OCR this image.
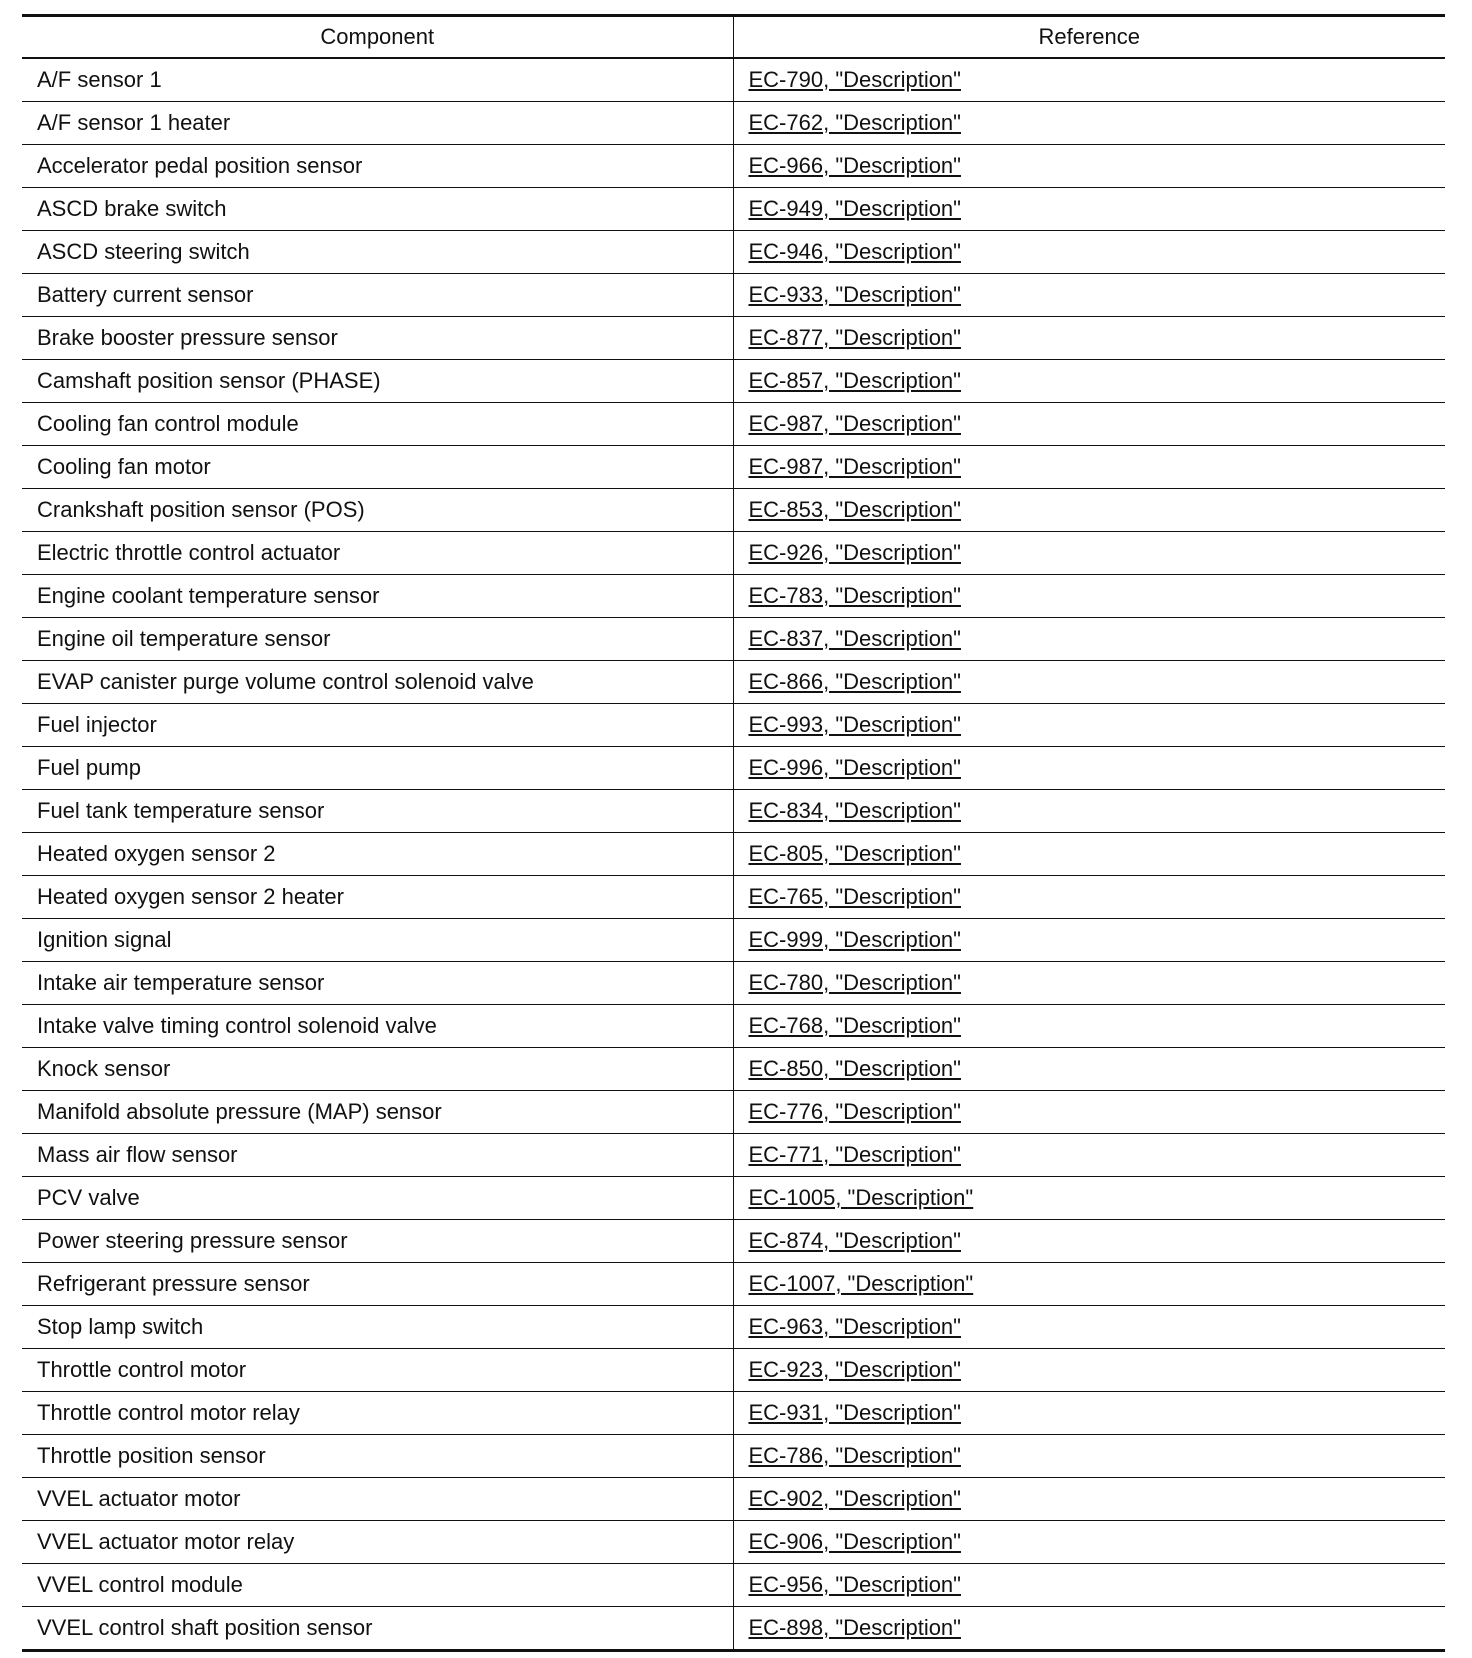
Component	Reference
A/F sensor 1	EC-790, "Description"
A/F sensor 1 heater	EC-762, "Description"
Accelerator pedal position sensor	EC-966, "Description"
ASCD brake switch	EC-949, "Description"
ASCD steering switch	EC-946, "Description"
Battery current sensor	EC-933, "Description"
Brake booster pressure sensor	EC-877, "Description"
Camshaft position sensor (PHASE)	EC-857, "Description"
Cooling fan control module	EC-987, "Description"
Cooling fan motor	EC-987, "Description"
Crankshaft position sensor (POS)	EC-853, "Description"
Electric throttle control actuator	EC-926, "Description"
Engine coolant temperature sensor	EC-783, "Description"
Engine oil temperature sensor	EC-837, "Description"
EVAP canister purge volume control solenoid valve	EC-866, "Description"
Fuel injector	EC-993, "Description"
Fuel pump	EC-996, "Description"
Fuel tank temperature sensor	EC-834, "Description"
Heated oxygen sensor 2	EC-805, "Description"
Heated oxygen sensor 2 heater	EC-765, "Description"
Ignition signal	EC-999, "Description"
Intake air temperature sensor	EC-780, "Description"
Intake valve timing control solenoid valve	EC-768, "Description"
Knock sensor	EC-850, "Description"
Manifold absolute pressure (MAP) sensor	EC-776, "Description"
Mass air flow sensor	EC-771, "Description"
PCV valve	EC-1005, "Description"
Power steering pressure sensor	EC-874, "Description"
Refrigerant pressure sensor	EC-1007, "Description"
Stop lamp switch	EC-963, "Description"
Throttle control motor	EC-923, "Description"
Throttle control motor relay	EC-931, "Description"
Throttle position sensor	EC-786, "Description"
VVEL actuator motor	EC-902, "Description"
VVEL actuator motor relay	EC-906, "Description"
VVEL control module	EC-956, "Description"
VVEL control shaft position sensor	EC-898, "Description"
